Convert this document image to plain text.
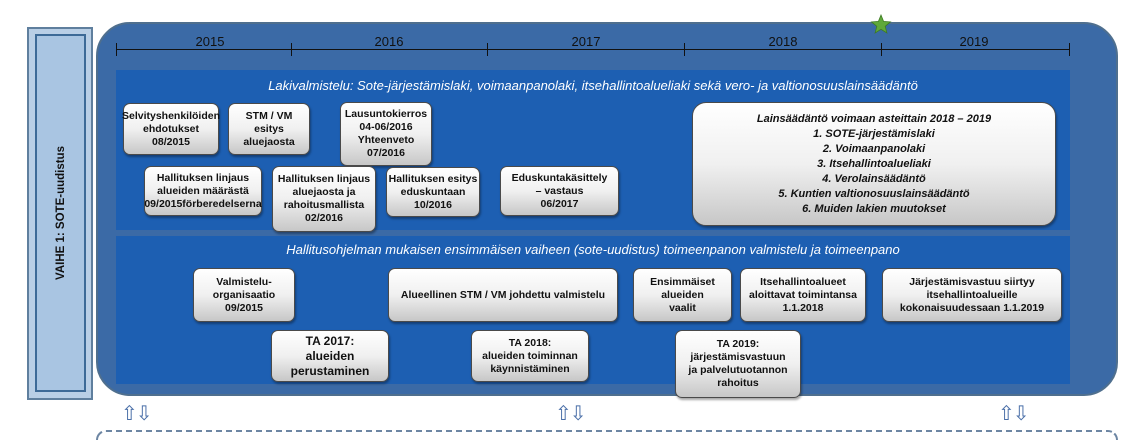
VAIHE 1: SOTE-uudistus
2015	2016	2017	2018	2019
Lakivalmistelu: Sote-järjestämislaki, voimaanpanolaki, itsehallintoalueliaki sekä vero- ja valtionosuuslainsäädäntö
Selvityshenkilöiden
ehdotukset
08/2015
STM / VM
esitys
aluejaosta
Lausuntokierros
04-06/2016
Yhteenveto
07/2016
Hallituksen linjaus
alueiden määrästä
09/2015förberedelserna
Hallituksen linjaus
aluejaosta ja
rahoitusmallista
02/2016
Hallituksen esitys
eduskuntaan
10/2016
Eduskuntakäsittely
– vastaus
06/2017
Lainsäädäntö voimaan asteittain 2018 – 2019
1. SOTE-järjestämislaki
2. Voimaanpanolaki
3. Itsehallintoalueliaki
4. Verolainsäädäntö
5. Kuntien valtionosuuslainsäädäntö
6. Muiden lakien muutokset
Hallitusohjelman mukaisen ensimmäisen vaiheen (sote-uudistus) toimeenpanon valmistelu ja toimeenpano
Valmistelu-
organisaatio
09/2015
Alueellinen STM / VM johdettu valmistelu
Ensimmäiset
alueiden
vaalit
Itsehallintoalueet
aloittavat toimintansa
1.1.2018
Järjestämisvastuu siirtyy
itsehallintoalueille
kokonaisuudessaan 1.1.2019
TA 2017:
alueiden
perustaminen
TA 2018:
alueiden toiminnan
käynnistäminen
TA 2019:
järjestämisvastuun
ja palvelutuotannon
rahoitus
⇧⇩	⇧⇩	⇧⇩
